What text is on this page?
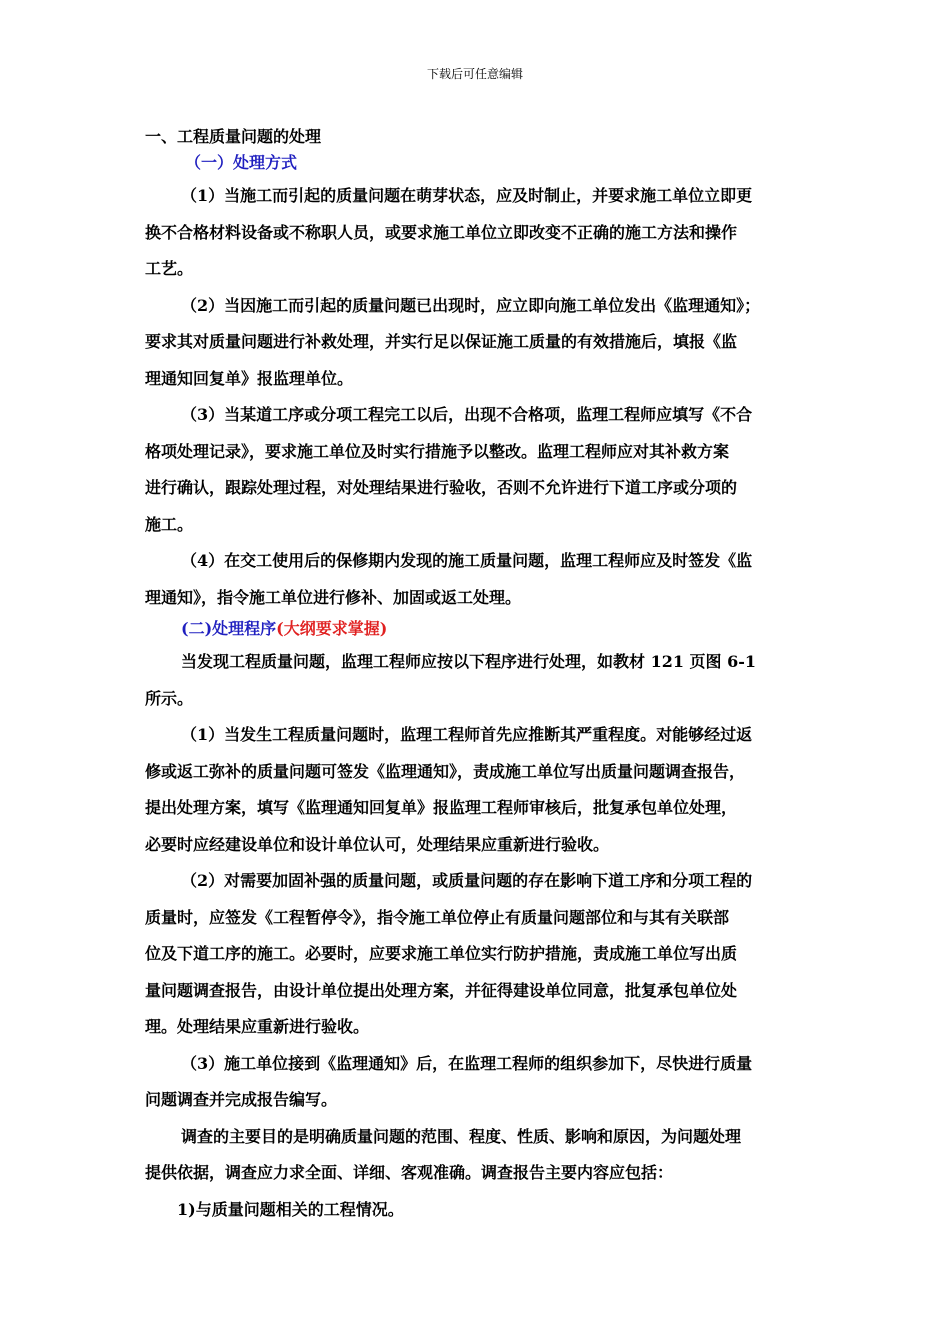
下载后可任意编辑
一、工程质量问题的处理
（一）处理方式
（1）当施工而引起的质量问题在萌芽状态，应及时制止，并要求施工单位立即更
换不合格材料设备或不称职人员，或要求施工单位立即改变不正确的施工方法和操作
工艺。
（2）当因施工而引起的质量问题已出现时，应立即向施工单位发出《监理通知》；
要求其对质量问题进行补救处理，并实行足以保证施工质量的有效措施后，填报《监
理通知回复单》报监理单位。
（3）当某道工序或分项工程完工以后，出现不合格项，监理工程师应填写《不合
格项处理记录》，要求施工单位及时实行措施予以整改。监理工程师应对其补救方案
进行确认，跟踪处理过程，对处理结果进行验收，否则不允许进行下道工序或分项的
施工。
（4）在交工使用后的保修期内发现的施工质量问题，监理工程师应及时签发《监
理通知》，指令施工单位进行修补、加固或返工处理。
(二)处理程序(大纲要求掌握)
当发现工程质量问题，监理工程师应按以下程序进行处理，如教材 121 页图 6-1
所示。
（1）当发生工程质量问题时，监理工程师首先应推断其严重程度。对能够经过返
修或返工弥补的质量问题可签发《监理通知》，责成施工单位写出质量问题调查报告，
提出处理方案，填写《监理通知回复单》报监理工程师审核后，批复承包单位处理，
必要时应经建设单位和设计单位认可，处理结果应重新进行验收。
（2）对需要加固补强的质量问题，或质量问题的存在影响下道工序和分项工程的
质量时，应签发《工程暂停令》，指令施工单位停止有质量问题部位和与其有关联部
位及下道工序的施工。必要时，应要求施工单位实行防护措施，责成施工单位写出质
量问题调查报告，由设计单位提出处理方案，并征得建设单位同意，批复承包单位处
理。处理结果应重新进行验收。
（3）施工单位接到《监理通知》后，在监理工程师的组织参加下，尽快进行质量
问题调查并完成报告编写。
调查的主要目的是明确质量问题的范围、程度、性质、影响和原因，为问题处理
提供依据，调查应力求全面、详细、客观准确。调查报告主要内容应包括：
1)与质量问题相关的工程情况。
